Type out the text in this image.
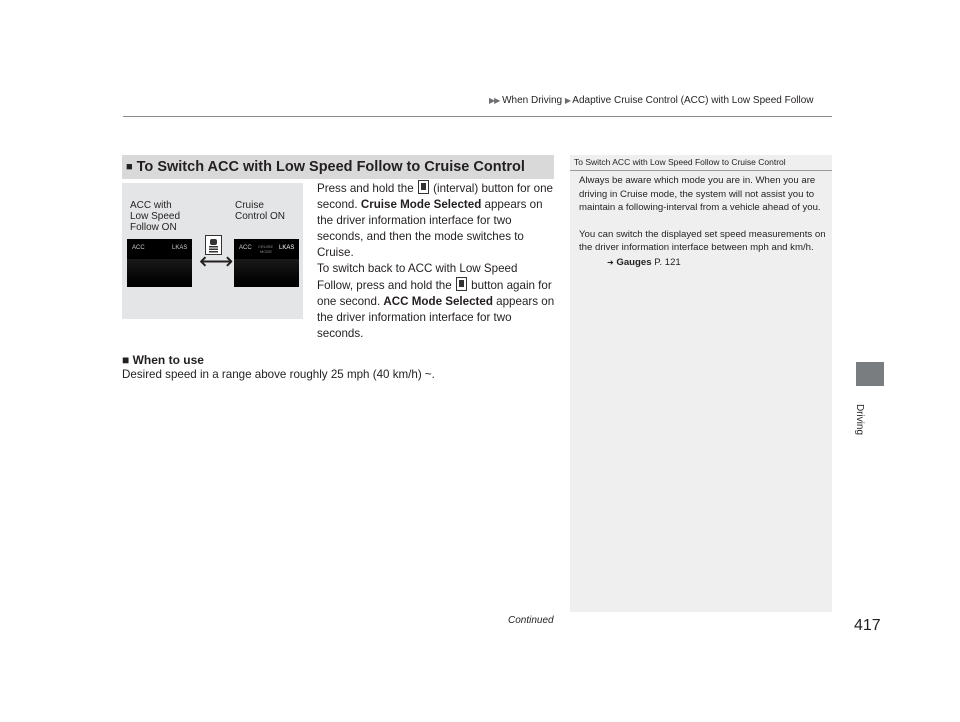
▶▶ When Driving ▶ Adaptive Cruise Control (ACC) with Low Speed Follow
■ To Switch ACC with Low Speed Follow to Cruise Control
ACC with
Low Speed
Follow ON
Cruise
Control ON
ACC	LKAS ⟷ ACC CRUISE
MODE
LKAS

Press and hold the  (interval) button for one second. Cruise Mode Selected appears on the driver information interface for two seconds, and then the mode switches to Cruise.

To switch back to ACC with Low Speed Follow, press and hold the  button again for one second. ACC Mode Selected appears on the driver information interface for two seconds.

■ When to use
Desired speed in a range above roughly 25 mph (40 km/h) ~.
To Switch ACC with Low Speed Follow to Cruise Control

Always be aware which mode you are in. When you are driving in Cruise mode, the system will not assist you to maintain a following-interval from a vehicle ahead of you.

You can switch the displayed set speed measurements on the driver information interface between mph and km/h.

➜ Gauges P. 121
Driving
Continued	417
